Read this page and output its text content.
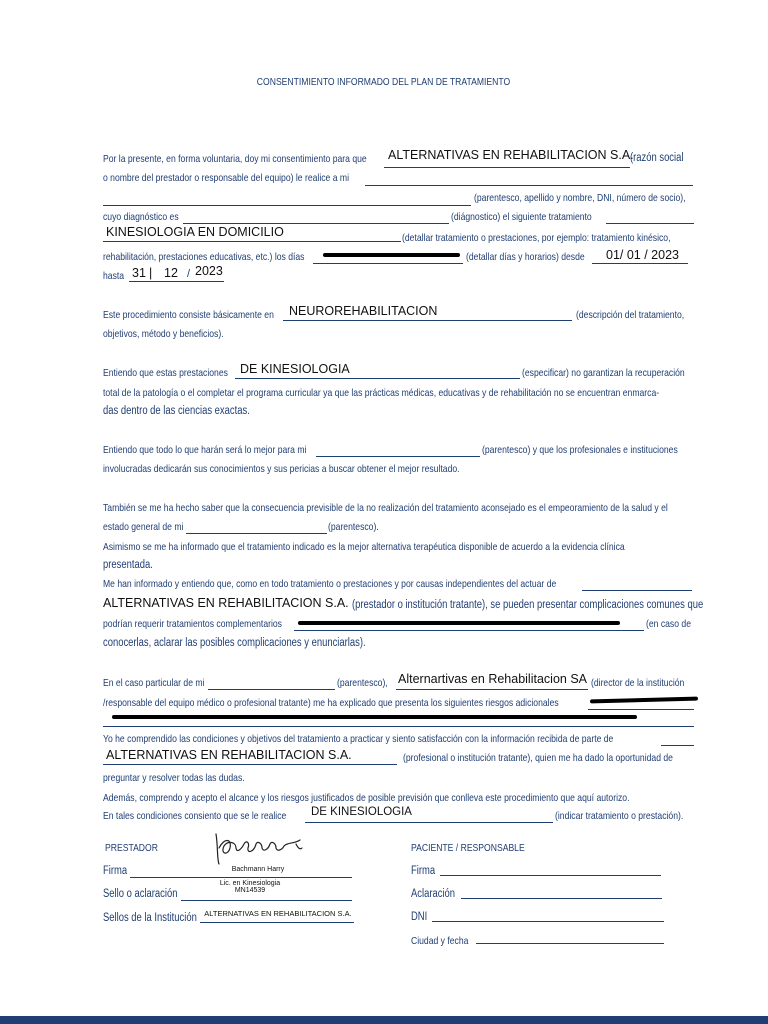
CONSENTIMIENTO INFORMADO DEL PLAN DE TRATAMIENTO
Por la presente, en forma voluntaria, doy mi consentimiento para que ALTERNATIVAS EN REHABILITACION S.A.
(razón social
o nombre del prestador o responsable del equipo) le realice a mi
(parentesco, apellido y nombre, DNI, número de socio),
cuyo diagnóstico es	(diágnostico) el siguiente tratamiento
KINESIOLOGIA EN DOMICILIO	(detallar tratamiento o prestaciones, por ejemplo: tratamiento kinésico,
rehabilitación, prestaciones educativas, etc.) los días	(detallar días y horarios) desde 01/ 01 / 2023
hasta 31 | 12 / 2023
Este procedimiento consiste básicamente en NEUROREHABILITACION	(descripción del tratamiento,
objetivos, método y beneficios).
Entiendo que estas prestaciones DE KINESIOLOGIA	(especificar) no garantizan la recuperación
total de la patología o el completar el programa curricular ya que las prácticas médicas, educativas y de rehabilitación no se encuentran enmarca-
das dentro de las ciencias exactas.
Entiendo que todo lo que harán será lo mejor para mi	(parentesco) y que los profesionales e instituciones
involucradas dedicarán sus conocimientos y sus pericias a buscar obtener el mejor resultado.
También se me ha hecho saber que la consecuencia previsible de la no realización del tratamiento aconsejado es el empeoramiento de la salud y el
estado general de mi	(parentesco).
Asimismo se me ha informado que el tratamiento indicado es la mejor alternativa terapéutica disponible de acuerdo a la evidencia clínica
presentada.
Me han informado y entiendo que, como en todo tratamiento o prestaciones y por causas independientes del actuar de
ALTERNATIVAS EN REHABILITACION S.A. (prestador o institución tratante), se pueden presentar complicaciones comunes que
podrían requerir tratamientos complementarios	(en caso de
conocerlas, aclarar las posibles complicaciones y enunciarlas).
En el caso particular de mi	(parentesco), Alternartivas en Rehabilitacion SA (director de la institución
/responsable del equipo médico o profesional tratante) me ha explicado que presenta los siguientes riesgos adicionales
Yo he comprendido las condiciones y objetivos del tratamiento a practicar y siento satisfacción con la información recibida de parte de
ALTERNATIVAS EN REHABILITACION S.A.	(profesional o institución tratante), quien me ha dado la oportunidad de
preguntar y resolver todas las dudas.
Además, comprendo y acepto el alcance y los riesgos justificados de posible previsión que conlleva este procedimiento que aquí autorizo.
En tales condiciones consiento que se le realice DE KINESIOLOGIA	(indicar tratamiento o prestación).
PRESTADOR
Firma	Bachmann Harry
Sello o aclaración
Lic. en Kinesiologia
MN14539
Sellos de la Institución ALTERNATIVAS EN REHABILITACION S.A.
PACIENTE / RESPONSABLE
Firma
Aclaración
DNI
Ciudad y fecha
